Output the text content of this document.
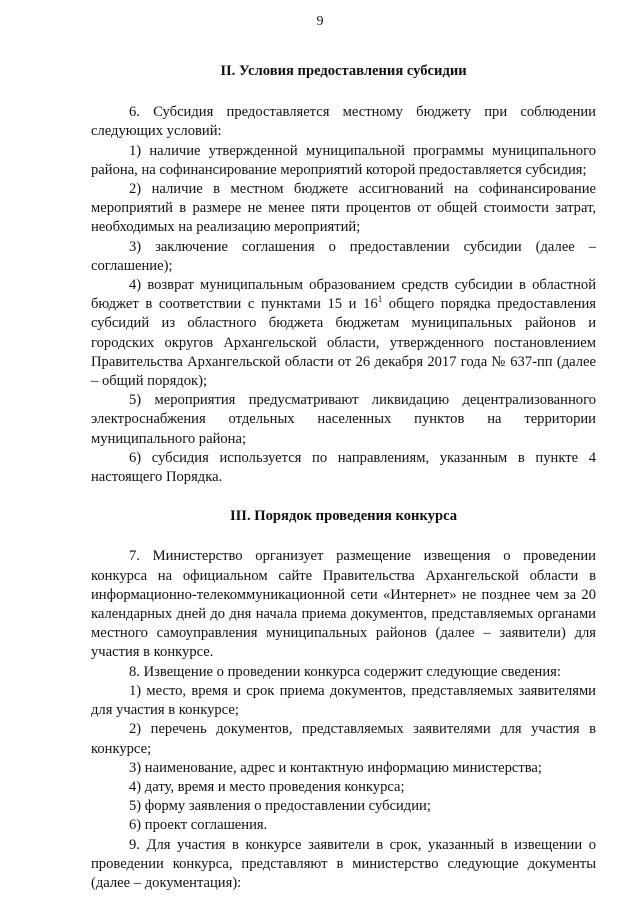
9

II. Условия предоставления субсидии

6. Субсидия предоставляется местному бюджету при соблюдении следующих условий:

1) наличие утвержденной муниципальной программы муниципального района, на софинансирование мероприятий которой предоставляется субсидия;

2) наличие в местном бюджете ассигнований на софинансирование мероприятий в размере не менее пяти процентов от общей стоимости затрат, необходимых на реализацию мероприятий;

3) заключение соглашения о предоставлении субсидии (далее – соглашение);

4) возврат муниципальным образованием средств субсидии в областной бюджет в соответствии с пунктами 15 и $16^1$ общего порядка предоставления субсидий из областного бюджета бюджетам муниципальных районов и городских округов Архангельской области, утвержденного постановлением Правительства Архангельской области от 26 декабря 2017 года № 637-пп (далее – общий порядок);

5) мероприятия предусматривают ликвидацию децентрализованного электроснабжения отдельных населенных пунктов на территории муниципального района;

6) субсидия используется по направлениям, указанным в пункте 4 настоящего Порядка.

III. Порядок проведения конкурса

7. Министерство организует размещение извещения о проведении конкурса на официальном сайте Правительства Архангельской области в информационно-телекоммуникационной сети «Интернет» не позднее чем за 20 календарных дней до дня начала приема документов, представляемых органами местного самоуправления муниципальных районов (далее – заявители) для участия в конкурсе.

8. Извещение о проведении конкурса содержит следующие сведения:

1) место, время и срок приема документов, представляемых заявителями для участия в конкурсе;

2) перечень документов, представляемых заявителями для участия в конкурсе;

3) наименование, адрес и контактную информацию министерства;

4) дату, время и место проведения конкурса;

5) форму заявления о предоставлении субсидии;

6) проект соглашения.

9. Для участия в конкурсе заявители в срок, указанный в извещении о проведении конкурса, представляют в министерство следующие документы (далее – документация):
